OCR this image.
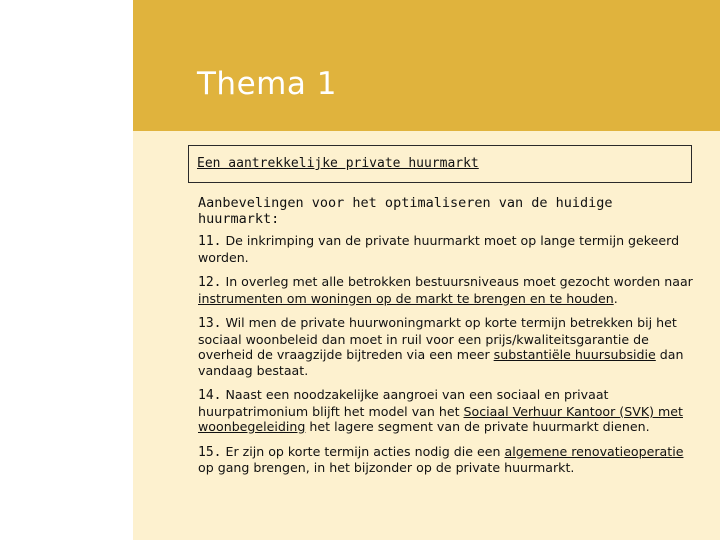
Thema 1
Een aantrekkelijke private huurmarkt

Aanbevelingen voor het optimaliseren van de huidige huurmarkt:

11. De inkrimping van de private huurmarkt moet op lange termijn gekeerd worden.

12. In overleg met alle betrokken bestuursniveaus moet gezocht worden naar instrumenten om woningen op de markt te brengen en te houden.

13. Wil men de private huurwoningmarkt op korte termijn betrekken bij het sociaal woonbeleid dan moet in ruil voor een prijs/kwaliteitsgarantie de overheid de vraagzijde bijtreden via een meer substantiële huursubsidie dan vandaag bestaat.

14. Naast een noodzakelijke aangroei van een sociaal en privaat huurpatrimonium blijft het model van het Sociaal Verhuur Kantoor (SVK) met woonbegeleiding het lagere segment van de private huurmarkt dienen.

15. Er zijn op korte termijn acties nodig die een algemene renovatieoperatie op gang brengen, in het bijzonder op de private huurmarkt.
